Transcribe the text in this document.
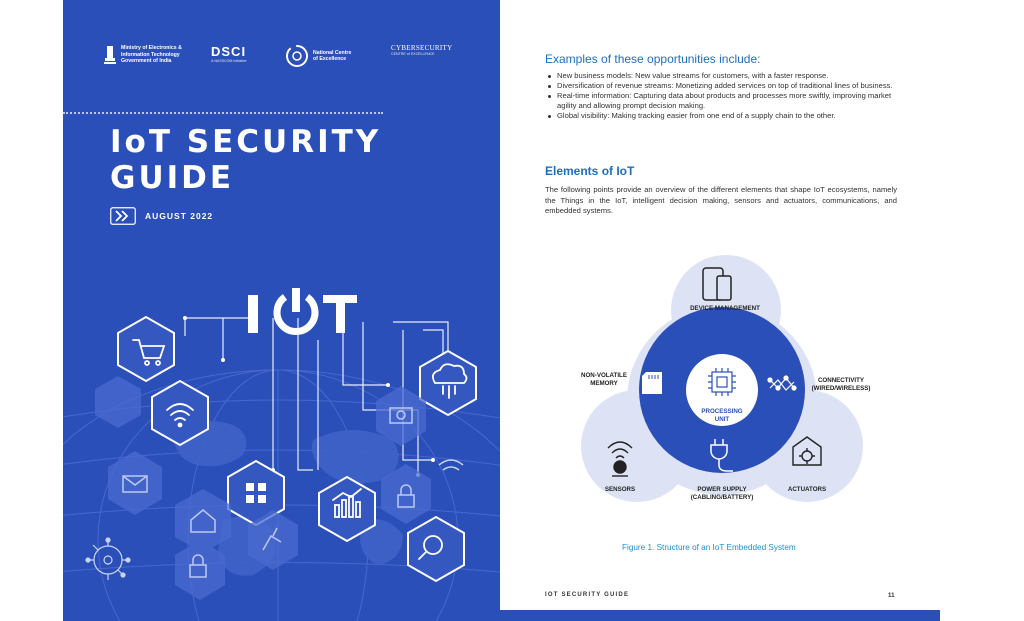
Ministry of Electronics &
Information Technology
Government of India
DSCI
A NASSCOM Initiative
National Centre
of Excellence
CYBERSECURITY
CENTRE of EXCELLENCE
IoT SECURITY
GUIDE
AUGUST 2022
Examples of these opportunities include:
New business models: New value streams for customers, with a faster response.
Diversification of revenue streams: Monetizing added services on top of traditional lines of business.
Real-time information: Capturing data about products and processes more swiftly, improving market agility and allowing prompt decision making.
Global visibility: Making tracking easier from one end of a supply chain to the other.
Elements of IoT

The following points provide an overview of the different elements that shape IoT ecosystems, namely the Things in the IoT, intelligent decision making, sensors and actuators, communications, and embedded systems.

DEVICE MANAGEMENT
NON-VOLATILE
MEMORY
PROCESSING
UNIT
CONNECTIVITY
(WIRED/WIRELESS)
SENSORS	POWER SUPPLY
(CABLING/BATTERY)
ACTUATORS
Figure 1. Structure of an IoT Embedded System
IOT SECURITY GUIDE	11
